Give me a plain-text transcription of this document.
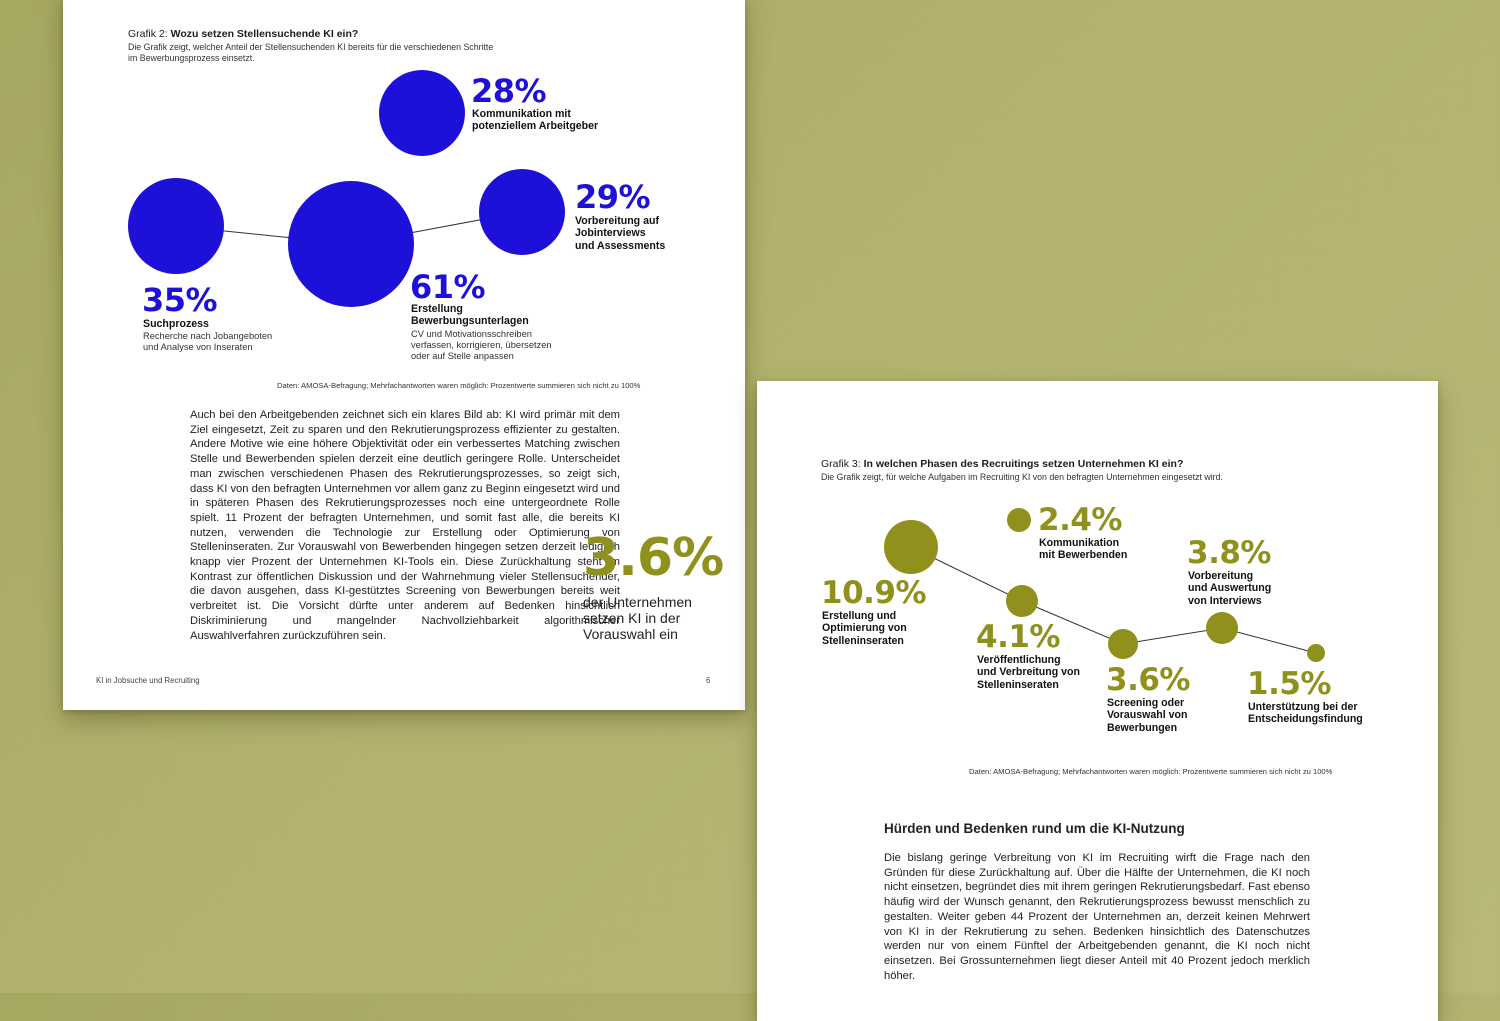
Grafik 2: Wozu setzen Stellensuchende KI ein?
Die Grafik zeigt, welcher Anteil der Stellensuchenden KI bereits für die verschiedenen Schritte
im Bewerbungsprozess einsetzt.
28%
Kommunikation mit
potenziellem Arbeitgeber
29%
Vorbereitung auf
Jobinterviews
und Assessments
35%
Suchprozess
Recherche nach Jobangeboten
und Analyse von Inseraten
61%
Erstellung
Bewerbungsunterlagen
CV und Motivationsschreiben
verfassen, korrigieren, übersetzen
oder auf Stelle anpassen
Daten: AMOSA-Befragung; Mehrfachantworten waren möglich: Prozentwerte summieren sich nicht zu 100%
Auch bei den Arbeitgebenden zeichnet sich ein klares Bild ab: KI wird primär mit dem Ziel eingesetzt, Zeit zu sparen und den Rekrutierungsprozess effizienter zu gestalten. Andere Motive wie eine höhere Objektivität oder ein verbessertes Matching zwischen Stelle und Bewerbenden spielen derzeit eine deutlich geringere Rolle. Unterscheidet man zwischen verschiedenen Phasen des Rekrutierungsprozesses, so zeigt sich, dass KI von den befragten Unternehmen vor allem ganz zu Beginn eingesetzt wird und in späteren Phasen des Rekrutierungsprozesses noch eine untergeordnete Rolle spielt. 11 Prozent der befragten Unternehmen, und somit fast alle, die bereits KI nutzen, verwenden die Technologie zur Erstellung oder Optimierung von Stelleninseraten. Zur Vorauswahl von Bewerbenden hingegen setzen derzeit lediglich knapp vier Prozent der Unternehmen KI-Tools ein. Diese Zurückhaltung steht im Kontrast zur öffentlichen Diskussion und der Wahrnehmung vieler Stellensuchender, die davon ausgehen, dass KI-gestütztes Screening von Bewerbungen bereits weit verbreitet ist. Die Vorsicht dürfte unter anderem auf Bedenken hinsichtlich Diskriminierung und mangelnder Nachvollziehbarkeit algorithmischer Auswahlverfahren zurückzuführen sein.
3.6%
der Unternehmen
setzen KI in der
Vorauswahl ein
KI in Jobsuche und Recruiting	6
Grafik 3: In welchen Phasen des Recruitings setzen Unternehmen KI ein?
Die Grafik zeigt, für welche Aufgaben im Recruiting KI von den befragten Unternehmen eingesetzt wird.
10.9%
Erstellung und
Optimierung von
Stelleninseraten
2.4%
Kommunikation
mit Bewerbenden
4.1%
Veröffentlichung
und Verbreitung von
Stelleninseraten	3.6%
Screening oder
Vorauswahl von
Bewerbungen
3.8%
Vorbereitung
und Auswertung
von Interviews
1.5%
Unterstützung bei der
Entscheidungsfindung
Daten: AMOSA-Befragung; Mehrfachantworten waren möglich: Prozentwerte summieren sich nicht zu 100%
Hürden und Bedenken rund um die KI-Nutzung
Die bislang geringe Verbreitung von KI im Recruiting wirft die Frage nach den Gründen für diese Zurückhaltung auf. Über die Hälfte der Unternehmen, die KI noch nicht einsetzen, begründet dies mit ihrem geringen Rekrutierungsbedarf. Fast ebenso häufig wird der Wunsch genannt, den Rekrutierungsprozess bewusst menschlich zu gestalten. Weiter geben 44 Prozent der Unternehmen an, derzeit keinen Mehrwert von KI in der Rekrutierung zu sehen. Bedenken hinsichtlich des Datenschutzes werden nur von einem Fünftel der Arbeitgebenden genannt, die KI noch nicht einsetzen. Bei Grossunternehmen liegt dieser Anteil mit 40 Prozent jedoch merklich höher.
